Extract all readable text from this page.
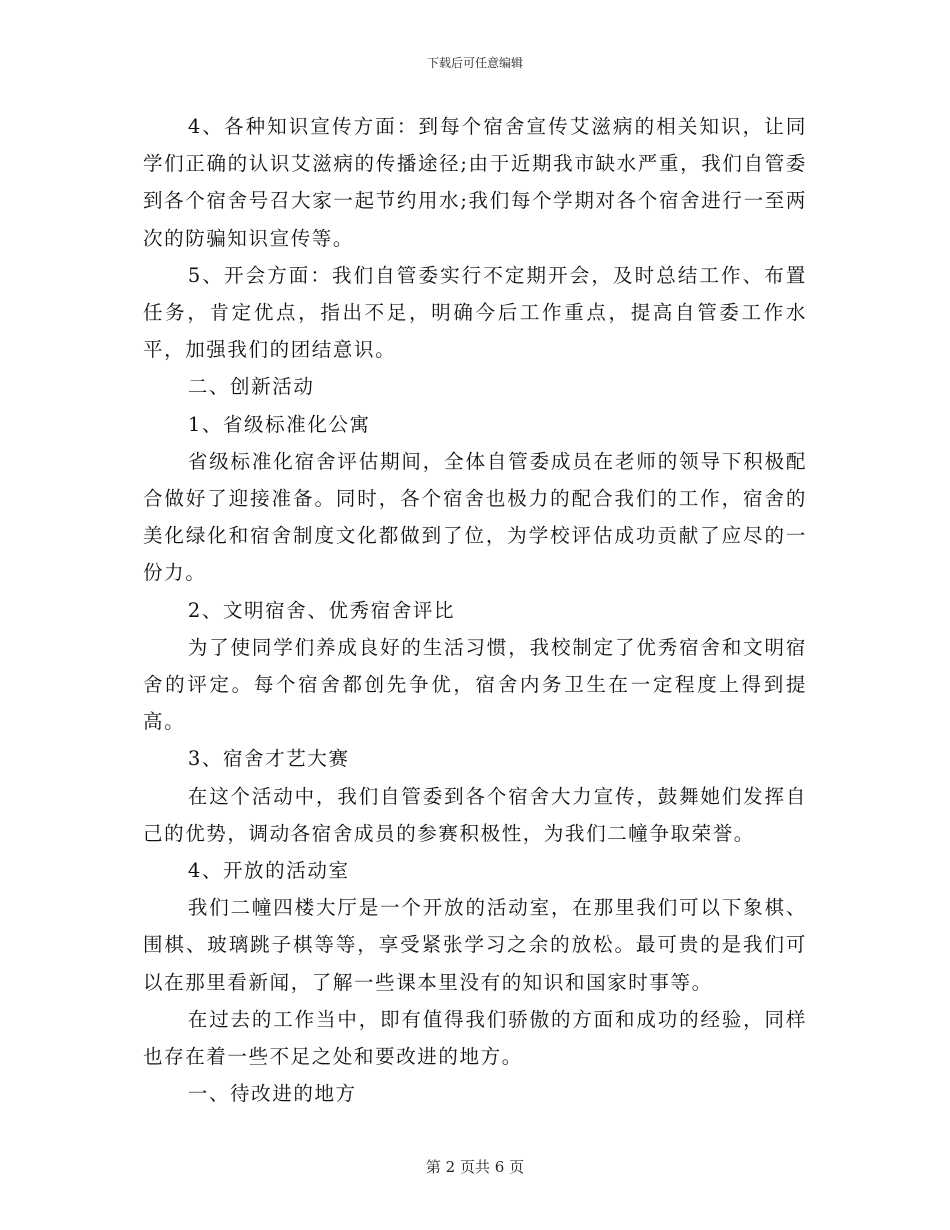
下载后可任意编辑

4、各种知识宣传方面：到每个宿舍宣传艾滋病的相关知识，让同学们正确的认识艾滋病的传播途径;由于近期我市缺水严重，我们自管委到各个宿舍号召大家一起节约用水;我们每个学期对各个宿舍进行一至两次的防骗知识宣传等。

5、开会方面：我们自管委实行不定期开会，及时总结工作、布置任务，肯定优点，指出不足，明确今后工作重点，提高自管委工作水平，加强我们的团结意识。

二、创新活动

1、省级标准化公寓

省级标准化宿舍评估期间，全体自管委成员在老师的领导下积极配合做好了迎接准备。同时，各个宿舍也极力的配合我们的工作，宿舍的美化绿化和宿舍制度文化都做到了位，为学校评估成功贡献了应尽的一份力。

2、文明宿舍、优秀宿舍评比

为了使同学们养成良好的生活习惯，我校制定了优秀宿舍和文明宿舍的评定。每个宿舍都创先争优，宿舍内务卫生在一定程度上得到提高。

3、宿舍才艺大赛

在这个活动中，我们自管委到各个宿舍大力宣传，鼓舞她们发挥自己的优势，调动各宿舍成员的参赛积极性，为我们二幢争取荣誉。

4、开放的活动室

我们二幢四楼大厅是一个开放的活动室，在那里我们可以下象棋、围棋、玻璃跳子棋等等，享受紧张学习之余的放松。最可贵的是我们可以在那里看新闻，了解一些课本里没有的知识和国家时事等。

在过去的工作当中，即有值得我们骄傲的方面和成功的经验，同样也存在着一些不足之处和要改进的地方。

一、待改进的地方

第 2 页共 6 页
